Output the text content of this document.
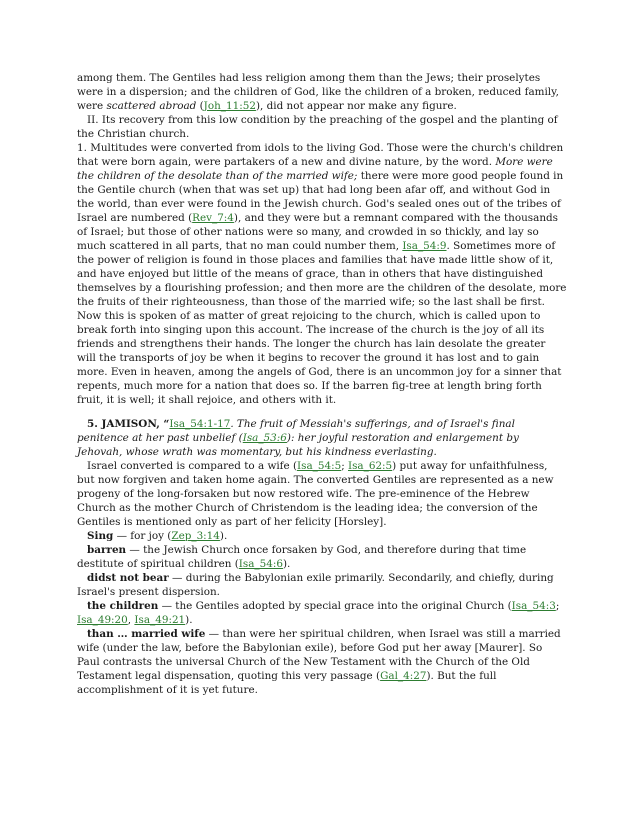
among them. The Gentiles had less religion among them than the Jews; their proselytes were in a dispersion; and the children of God, like the children of a broken, reduced family, were scattered abroad (Joh_11:52), did not appear nor make any figure.

II. Its recovery from this low condition by the preaching of the gospel and the planting of the Christian church.

1. Multitudes were converted from idols to the living God. Those were the church's children that were born again, were partakers of a new and divine nature, by the word. More were the children of the desolate than of the married wife; there were more good people found in the Gentile church (when that was set up) that had long been afar off, and without God in the world, than ever were found in the Jewish church. God's sealed ones out of the tribes of Israel are numbered (Rev_7:4), and they were but a remnant compared with the thousands of Israel; but those of other nations were so many, and crowded in so thickly, and lay so much scattered in all parts, that no man could number them, Isa_54:9. Sometimes more of the power of religion is found in those places and families that have made little show of it, and have enjoyed but little of the means of grace, than in others that have distinguished themselves by a flourishing profession; and then more are the children of the desolate, more the fruits of their righteousness, than those of the married wife; so the last shall be first. Now this is spoken of as matter of great rejoicing to the church, which is called upon to break forth into singing upon this account. The increase of the church is the joy of all its friends and strengthens their hands. The longer the church has lain desolate the greater will the transports of joy be when it begins to recover the ground it has lost and to gain more. Even in heaven, among the angels of God, there is an uncommon joy for a sinner that repents, much more for a nation that does so. If the barren fig-tree at length bring forth fruit, it is well; it shall rejoice, and others with it.

5. JAMISON, “Isa_54:1-17. The fruit of Messiah's sufferings, and of Israel's final penitence at her past unbelief (Isa_53:6): her joyful restoration and enlargement by Jehovah, whose wrath was momentary, but his kindness everlasting.

Israel converted is compared to a wife (Isa_54:5; Isa_62:5) put away for unfaithfulness, but now forgiven and taken home again. The converted Gentiles are represented as a new progeny of the long-forsaken but now restored wife. The pre-eminence of the Hebrew Church as the mother Church of Christendom is the leading idea; the conversion of the Gentiles is mentioned only as part of her felicity [Horsley].

Sing — for joy (Zep_3:14).

barren — the Jewish Church once forsaken by God, and therefore during that time destitute of spiritual children (Isa_54:6).

didst not bear — during the Babylonian exile primarily. Secondarily, and chiefly, during Israel's present dispersion.

the children — the Gentiles adopted by special grace into the original Church (Isa_54:3; Isa_49:20, Isa_49:21).

than … married wife — than were her spiritual children, when Israel was still a married wife (under the law, before the Babylonian exile), before God put her away [Maurer]. So Paul contrasts the universal Church of the New Testament with the Church of the Old Testament legal dispensation, quoting this very passage (Gal_4:27). But the full accomplishment of it is yet future.
